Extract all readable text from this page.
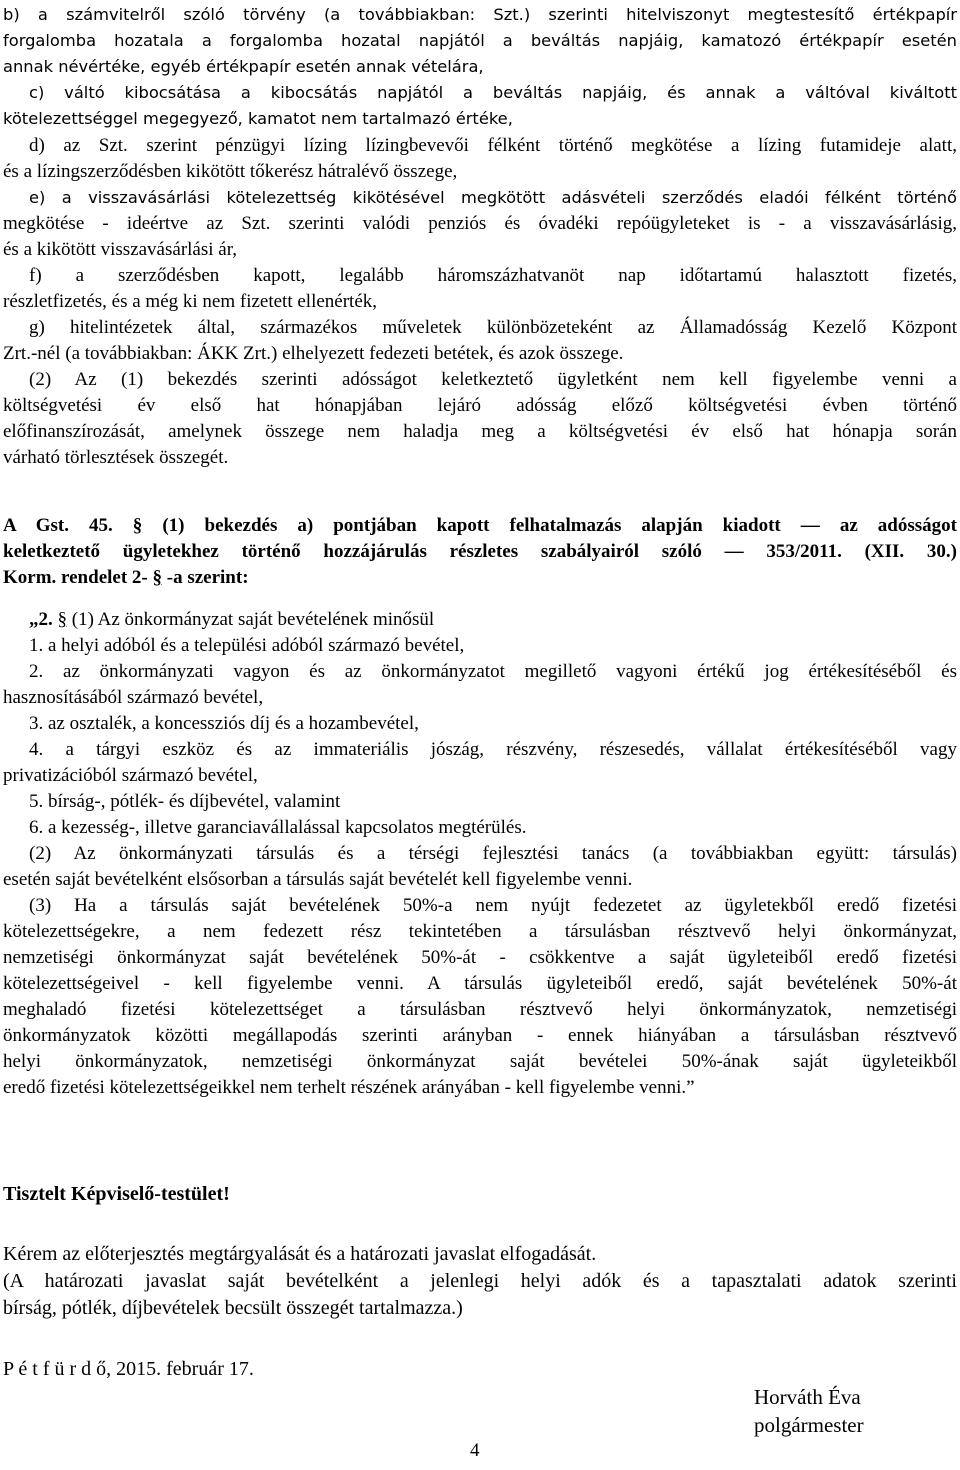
b) a számvitelről szóló törvény (a továbbiakban: Szt.) szerinti hitelviszonyt megtestesítő értékpapír
forgalomba hozatala a forgalomba hozatal napjától a beváltás napjáig, kamatozó értékpapír esetén
annak névértéke, egyéb értékpapír esetén annak vételára,
c) váltó kibocsátása a kibocsátás napjától a beváltás napjáig, és annak a váltóval kiváltott
kötelezettséggel megegyező, kamatot nem tartalmazó értéke,
d) az Szt. szerint pénzügyi lízing lízingbevevői félként történő megkötése a lízing futamideje alatt,
és a lízingszerződésben kikötött tőkerész hátralévő összege,
e) a visszavásárlási kötelezettség kikötésével megkötött adásvételi szerződés eladói félként történő
megkötése - ideértve az Szt. szerinti valódi penziós és óvadéki repóügyleteket is - a visszavásárlásig,
és a kikötött visszavásárlási ár,
f) a szerződésben kapott, legalább háromszázhatvanöt nap időtartamú halasztott fizetés,
részletfizetés, és a még ki nem fizetett ellenérték,
g) hitelintézetek által, származékos műveletek különbözeteként az Államadósság Kezelő Központ
Zrt.-nél (a továbbiakban: ÁKK Zrt.) elhelyezett fedezeti betétek, és azok összege.
(2) Az (1) bekezdés szerinti adósságot keletkeztető ügyletként nem kell figyelembe venni a
költségvetési év első hat hónapjában lejáró adósság előző költségvetési évben történő
előfinanszírozását, amelynek összege nem haladja meg a költségvetési év első hat hónapja során
várható törlesztések összegét.
A Gst. 45. § (1) bekezdés a) pontjában kapott felhatalmazás alapján kiadott — az adósságot
keletkeztető ügyletekhez történő hozzájárulás részletes szabályairól szóló — 353/2011. (XII. 30.)
Korm. rendelet 2- § -a szerint:
„2. § (1) Az önkormányzat saját bevételének minősül
1. a helyi adóból és a települési adóból származó bevétel,
2. az önkormányzati vagyon és az önkormányzatot megillető vagyoni értékű jog értékesítéséből és
hasznosításából származó bevétel,
3. az osztalék, a koncessziós díj és a hozambevétel,
4. a tárgyi eszköz és az immateriális jószág, részvény, részesedés, vállalat értékesítéséből vagy
privatizációból származó bevétel,
5. bírság-, pótlék- és díjbevétel, valamint
6. a kezesség-, illetve garanciavállalással kapcsolatos megtérülés.
(2) Az önkormányzati társulás és a térségi fejlesztési tanács (a továbbiakban együtt: társulás)
esetén saját bevételként elsősorban a társulás saját bevételét kell figyelembe venni.
(3) Ha a társulás saját bevételének 50%-a nem nyújt fedezetet az ügyletekből eredő fizetési
kötelezettségekre, a nem fedezett rész tekintetében a társulásban résztvevő helyi önkormányzat,
nemzetiségi önkormányzat saját bevételének 50%-át - csökkentve a saját ügyleteiből eredő fizetési
kötelezettségeivel - kell figyelembe venni. A társulás ügyleteiből eredő, saját bevételének 50%-át
meghaladó fizetési kötelezettséget a társulásban résztvevő helyi önkormányzatok, nemzetiségi
önkormányzatok közötti megállapodás szerinti arányban - ennek hiányában a társulásban résztvevő
helyi önkormányzatok, nemzetiségi önkormányzat saját bevételei 50%-ának saját ügyleteikből
eredő fizetési kötelezettségeikkel nem terhelt részének arányában - kell figyelembe venni.”
Tisztelt Képviselő-testület!
Kérem az előterjesztés megtárgyalását és a határozati javaslat elfogadását.
(A határozati javaslat saját bevételként a jelenlegi helyi adók és a tapasztalati adatok szerinti
bírság, pótlék, díjbevételek becsült összegét tartalmazza.)
P é t f ü r d ő, 2015. február 17.
Horváth Éva
polgármester
4
